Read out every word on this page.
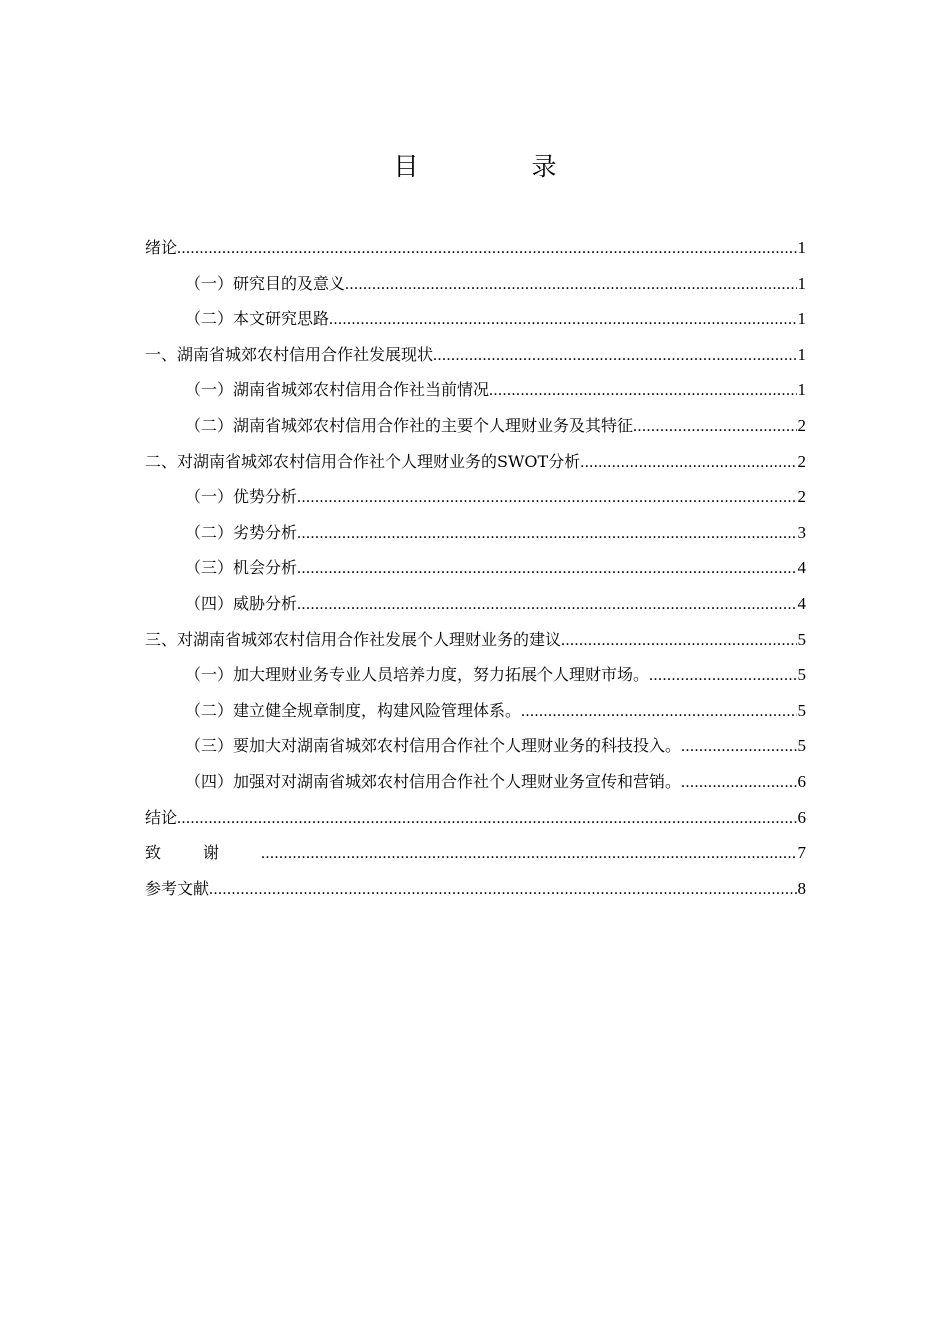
目　录
绪论 .....	1
（一）研究目的及意义 .....	1
（二）本文研究思路 .....	1
一、湖南省城郊农村信用合作社发展现状 .....	1
（一）湖南省城郊农村信用合作社当前情况 .....	1
（二）湖南省城郊农村信用合作社的主要个人理财业务及其特征 .....	2
二、对湖南省城郊农村信用合作社个人理财业务的SWOT分析 .....	2
（一）优势分析 .....	2
（二）劣势分析 .....	3
（三）机会分析 .....	4
（四）威胁分析 .....	4
三、对湖南省城郊农村信用合作社发展个人理财业务的建议 .....	5
（一）加大理财业务专业人员培养力度，努力拓展个人理财市场。 .....	5
（二）建立健全规章制度，构建风险管理体系。 .....	5
（三）要加大对湖南省城郊农村信用合作社个人理财业务的科技投入。 .....	5
（四）加强对对湖南省城郊农村信用合作社个人理财业务宣传和营销。 .....	6
结论 .....	6
致谢 .....	7
参考文献 .....	8
